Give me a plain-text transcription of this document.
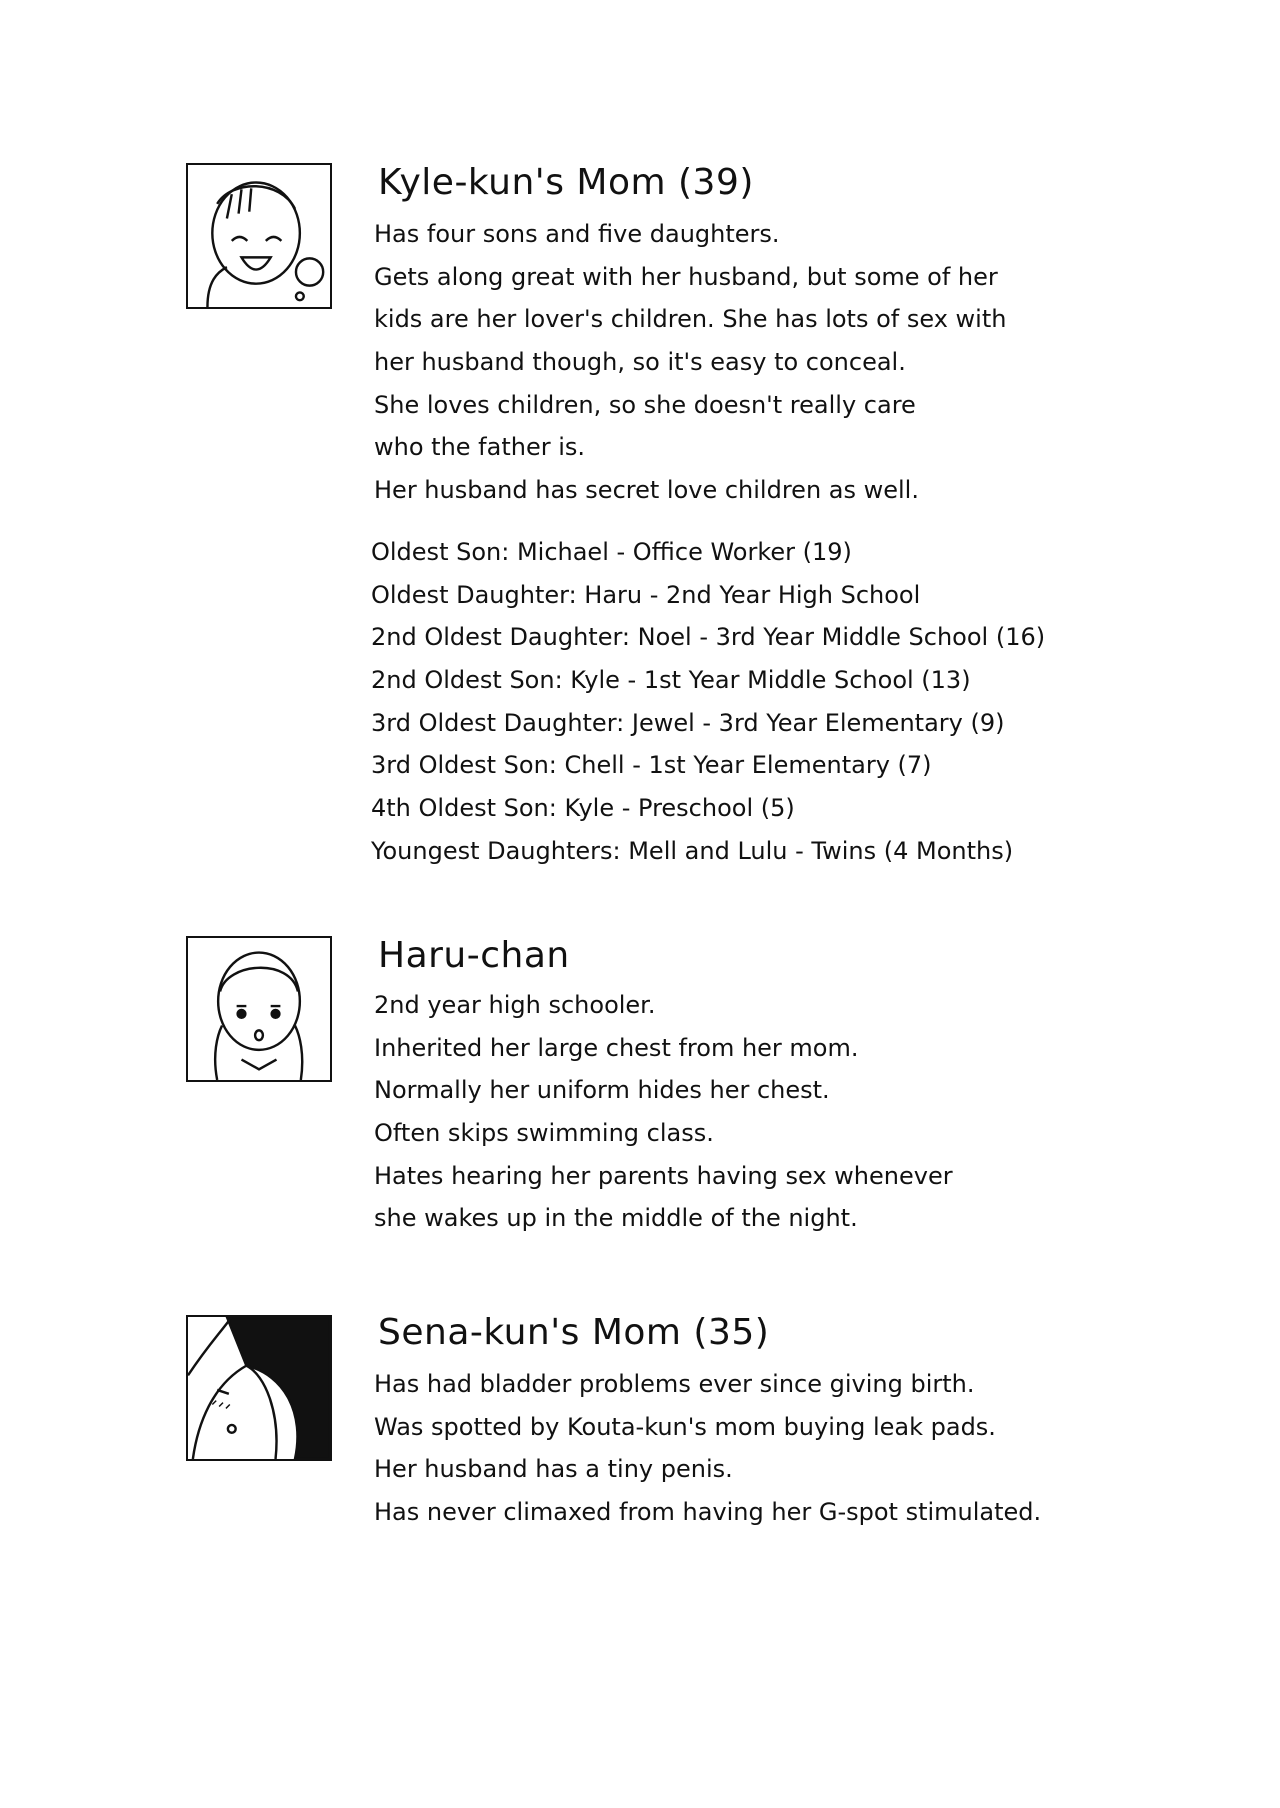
Kyle-kun's Mom (39)
Has four sons and five daughters.
Gets along great with her husband, but some of her
kids are her lover's children. She has lots of sex with
her husband though, so it's easy to conceal.
She loves children, so she doesn't really care
who the father is.
Her husband has secret love children as well.
Oldest Son: Michael - Office Worker (19)
Oldest Daughter: Haru - 2nd Year High School
2nd Oldest Daughter: Noel - 3rd Year Middle School (16)
2nd Oldest Son: Kyle - 1st Year Middle School (13)
3rd Oldest Daughter: Jewel - 3rd Year Elementary (9)
3rd Oldest Son: Chell - 1st Year Elementary (7)
4th Oldest Son: Kyle - Preschool (5)
Youngest Daughters: Mell and Lulu - Twins (4 Months)
Haru-chan
2nd year high schooler.
Inherited her large chest from her mom.
Normally her uniform hides her chest.
Often skips swimming class.
Hates hearing her parents having sex whenever
she wakes up in the middle of the night.
Sena-kun's Mom (35)
Has had bladder problems ever since giving birth.
Was spotted by Kouta-kun's mom buying leak pads.
Her husband has a tiny penis.
Has never climaxed from having her G-spot stimulated.
